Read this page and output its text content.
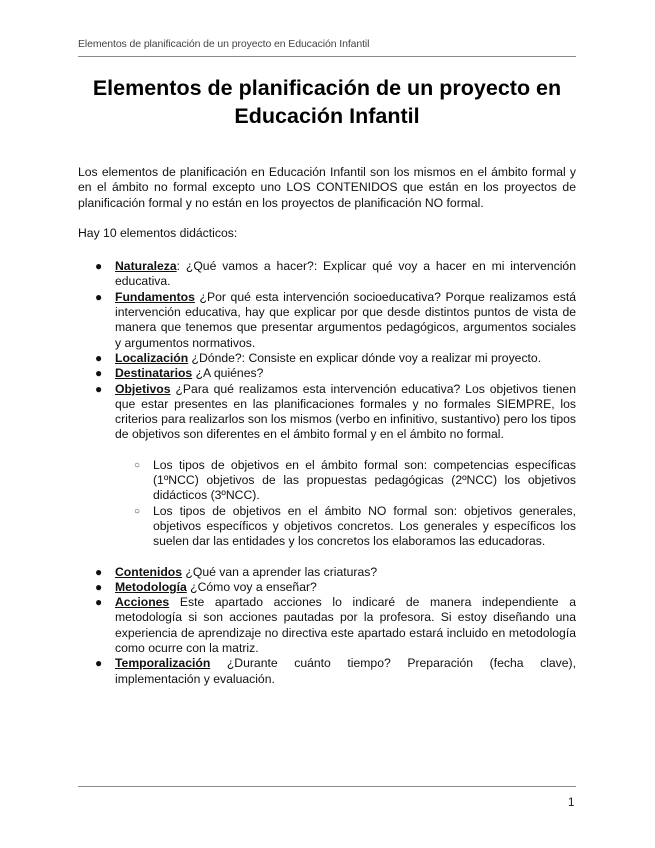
Elementos de planificación de un proyecto en Educación Infantil
Elementos de planificación de un proyecto en Educación Infantil

Los elementos de planificación en Educación Infantil son los mismos en el ámbito formal y en el ámbito no formal excepto uno LOS CONTENIDOS que están en los proyectos de planificación formal y no están en los proyectos de planificación NO formal.

Hay 10 elementos didácticos:

● Naturaleza: ¿Qué vamos a hacer?: Explicar qué voy a hacer en mi intervención educativa.
● Fundamentos ¿Por qué esta intervención socioeducativa? Porque realizamos está intervención educativa, hay que explicar por que desde distintos puntos de vista de manera que tenemos que presentar argumentos pedagógicos, argumentos sociales y argumentos normativos.
● Localización ¿Dónde?: Consiste en explicar dónde voy a realizar mi proyecto.
● Destinatarios ¿A quiénes?
● Objetivos ¿Para qué realizamos esta intervención educativa? Los objetivos tienen que estar presentes en las planificaciones formales y no formales SIEMPRE, los criterios para realizarlos son los mismos (verbo en infinitivo, sustantivo) pero los tipos de objetivos son diferentes en el ámbito formal y en el ámbito no formal.
○ Los tipos de objetivos en el ámbito formal son: competencias específicas (1ºNCC) objetivos de las propuestas pedagógicas (2ºNCC) los objetivos didácticos (3ºNCC).
○ Los tipos de objetivos en el ámbito NO formal son: objetivos generales, objetivos específicos y objetivos concretos. Los generales y específicos los suelen dar las entidades y los concretos los elaboramos las educadoras.
● Contenidos ¿Qué van a aprender las criaturas?
● Metodología ¿Cómo voy a enseñar?
● Acciones Este apartado acciones lo indicaré de manera independiente a metodología si son acciones pautadas por la profesora. Si estoy diseñando una experiencia de aprendizaje no directiva este apartado estará incluido en metodología como ocurre con la matriz.
● Temporalización ¿Durante cuánto tiempo? Preparación (fecha clave), implementación y evaluación.
1
